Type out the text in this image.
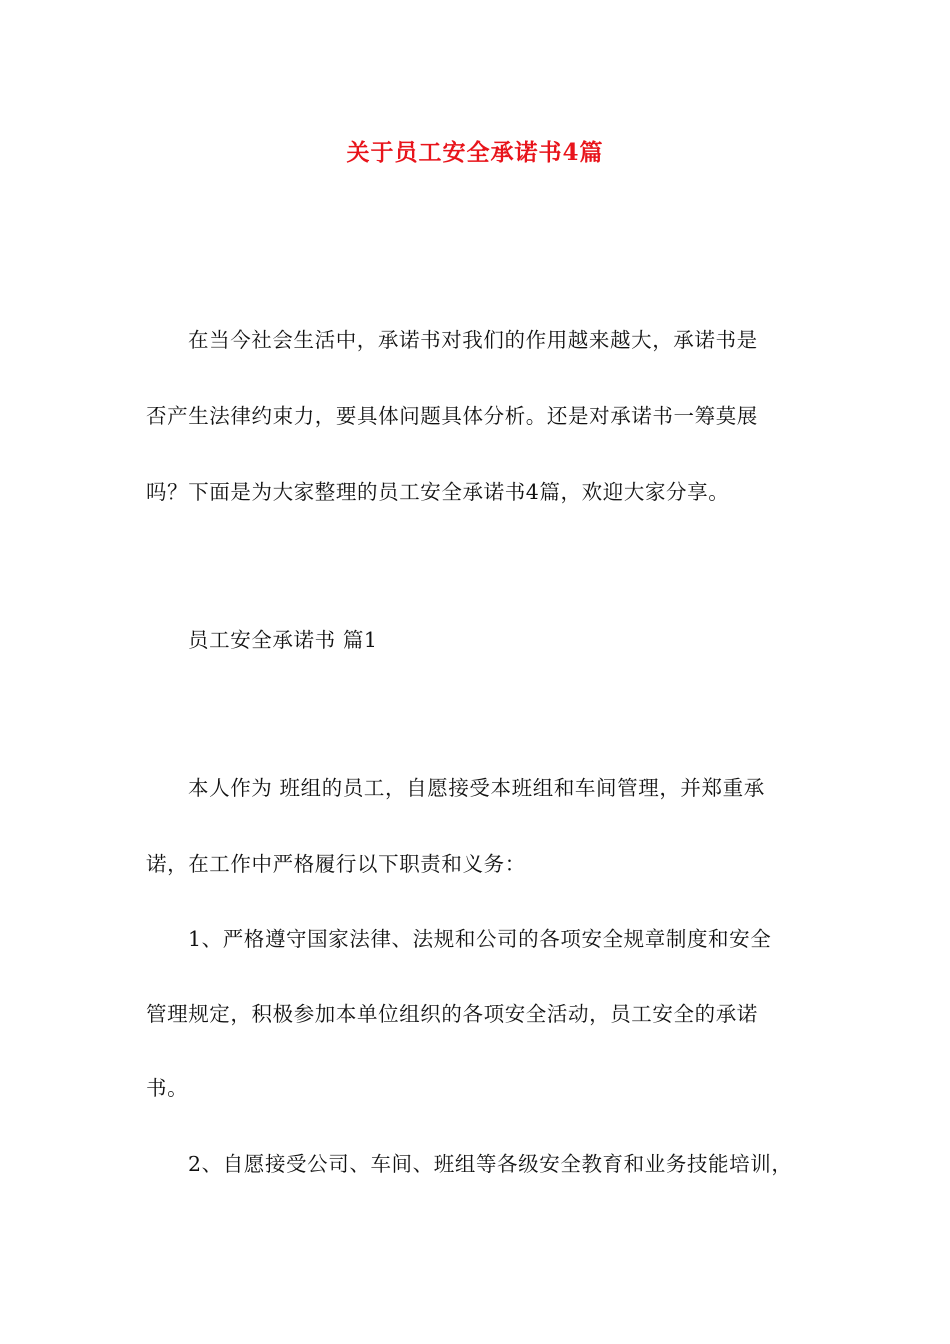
关于员工安全承诺书4篇
在当今社会生活中，承诺书对我们的作用越来越大，承诺书是
否产生法律约束力，要具体问题具体分析。还是对承诺书一筹莫展
吗？下面是为大家整理的员工安全承诺书4篇，欢迎大家分享。
员工安全承诺书 篇1
本人作为 班组的员工，自愿接受本班组和车间管理，并郑重承
诺，在工作中严格履行以下职责和义务：
1、严格遵守国家法律、法规和公司的各项安全规章制度和安全
管理规定，积极参加本单位组织的各项安全活动，员工安全的承诺
书。
2、自愿接受公司、车间、班组等各级安全教育和业务技能培训，
